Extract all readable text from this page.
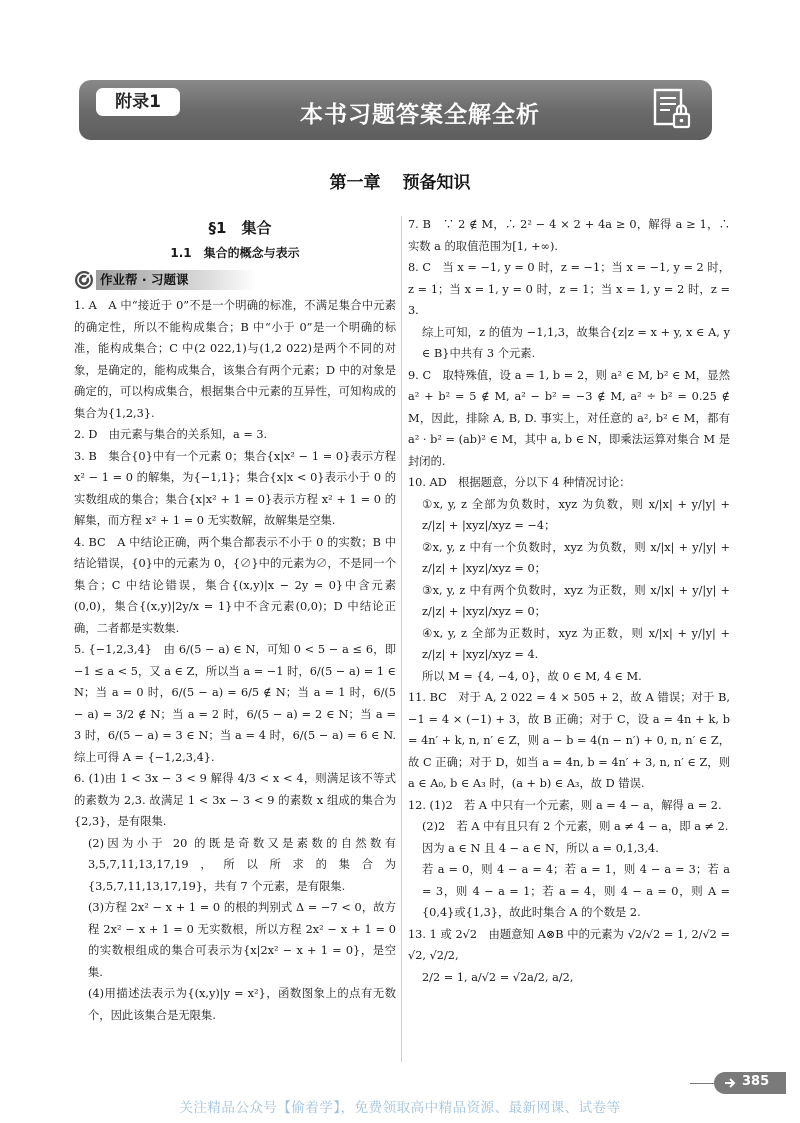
附录1	本书习题答案全解全析
第一章 预备知识
§1　集合
1.1　集合的概念与表示
作业帮 · 习题课
1. A　A 中“接近于 0”不是一个明确的标准，不满足集合中元素的确定性，所以不能构成集合；B 中“小于 0”是一个明确的标准，能构成集合；C 中(2 022,1)与(1,2 022)是两个不同的对象，是确定的，能构成集合，该集合有两个元素；D 中的对象是确定的，可以构成集合，根据集合中元素的互异性，可知构成的集合为{1,2,3}.
2. D　由元素与集合的关系知，a = 3.
3. B　集合{0}中有一个元素 0；集合{x|x² − 1 = 0}表示方程 x² − 1 = 0 的解集，为{−1,1}；集合{x|x < 0}表示小于 0 的实数组成的集合；集合{x|x² + 1 = 0}表示方程 x² + 1 = 0 的解集，而方程 x² + 1 = 0 无实数解，故解集是空集.
4. BC　A 中结论正确，两个集合都表示不小于 0 的实数；B 中结论错误，{0}中的元素为 0，{∅}中的元素为∅，不是同一个集合；C 中结论错误，集合{(x,y)|x − 2y = 0}中含元素(0,0)，集合{(x,y)|2y/x = 1}中不含元素(0,0)；D 中结论正确，二者都是实数集.
5. {−1,2,3,4}　由 6/(5 − a) ∈ N，可知 0 < 5 − a ≤ 6，即 −1 ≤ a < 5，又 a ∈ Z，所以当 a = −1 时，6/(5 − a) = 1 ∈ N；当 a = 0 时，6/(5 − a) = 6/5 ∉ N；当 a = 1 时，6/(5 − a) = 3/2 ∉ N；当 a = 2 时，6/(5 − a) = 2 ∈ N；当 a = 3 时，6/(5 − a) = 3 ∈ N；当 a = 4 时，6/(5 − a) = 6 ∈ N. 综上可得 A = {−1,2,3,4}.
6. (1)由 1 < 3x − 3 < 9 解得 4/3 < x < 4，则满足该不等式的素数为 2,3. 故满足 1 < 3x − 3 < 9 的素数 x 组成的集合为{2,3}，是有限集.
(2)因为小于 20 的既是奇数又是素数的自然数有 3,5,7,11,13,17,19，所以所求的集合为{3,5,7,11,13,17,19}，共有 7 个元素，是有限集.
(3)方程 2x² − x + 1 = 0 的根的判别式 Δ = −7 < 0，故方程 2x² − x + 1 = 0 无实数根，所以方程 2x² − x + 1 = 0 的实数根组成的集合可表示为{x|2x² − x + 1 = 0}，是空集.
(4)用描述法表示为{(x,y)|y = x²}，函数图象上的点有无数个，因此该集合是无限集.
7. B　∵ 2 ∉ M，∴ 2² − 4 × 2 + 4a ≥ 0，解得 a ≥ 1，∴ 实数 a 的取值范围为[1, +∞).
8. C　当 x = −1, y = 0 时，z = −1；当 x = −1, y = 2 时，z = 1；当 x = 1, y = 0 时，z = 1；当 x = 1, y = 2 时，z = 3.
综上可知，z 的值为 −1,1,3，故集合{z|z = x + y, x ∈ A, y ∈ B}中共有 3 个元素.
9. C　取特殊值，设 a = 1, b = 2，则 a² ∈ M, b² ∈ M，显然 a² + b² = 5 ∉ M, a² − b² = −3 ∉ M, a² ÷ b² = 0.25 ∉ M，因此，排除 A, B, D. 事实上，对任意的 a², b² ∈ M，都有 a² · b² = (ab)² ∈ M，其中 a, b ∈ N，即乘法运算对集合 M 是封闭的.
10. AD　根据题意，分以下 4 种情况讨论：
①x, y, z 全部为负数时，xyz 为负数，则 x/|x| + y/|y| + z/|z| + |xyz|/xyz = −4；
②x, y, z 中有一个负数时，xyz 为负数，则 x/|x| + y/|y| + z/|z| + |xyz|/xyz = 0；
③x, y, z 中有两个负数时，xyz 为正数，则 x/|x| + y/|y| + z/|z| + |xyz|/xyz = 0；
④x, y, z 全部为正数时，xyz 为正数，则 x/|x| + y/|y| + z/|z| + |xyz|/xyz = 4.
所以 M = {4, −4, 0}，故 0 ∈ M, 4 ∈ M.
11. BC　对于 A, 2 022 = 4 × 505 + 2，故 A 错误；对于 B, −1 = 4 × (−1) + 3，故 B 正确；对于 C，设 a = 4n + k, b = 4n′ + k, n, n′ ∈ Z，则 a − b = 4(n − n′) + 0, n, n′ ∈ Z，故 C 正确；对于 D，如当 a = 4n, b = 4n′ + 3, n, n′ ∈ Z，则 a ∈ A₀, b ∈ A₃ 时，(a + b) ∈ A₃，故 D 错误.
12. (1)2　若 A 中只有一个元素，则 a = 4 − a，解得 a = 2.
(2)2　若 A 中有且只有 2 个元素，则 a ≠ 4 − a，即 a ≠ 2.
因为 a ∈ N 且 4 − a ∈ N，所以 a = 0,1,3,4.
若 a = 0，则 4 − a = 4；若 a = 1，则 4 − a = 3；若 a = 3，则 4 − a = 1；若 a = 4，则 4 − a = 0，则 A = {0,4}或{1,3}，故此时集合 A 的个数是 2.
13. 1 或 2√2　由题意知 A⊗B 中的元素为 √2/√2 = 1, 2/√2 = √2, √2/2,
2/2 = 1, a/√2 = √2a/2, a/2,
385
关注精品公众号【偷着学】，免费领取高中精品资源、最新网课、试卷等
